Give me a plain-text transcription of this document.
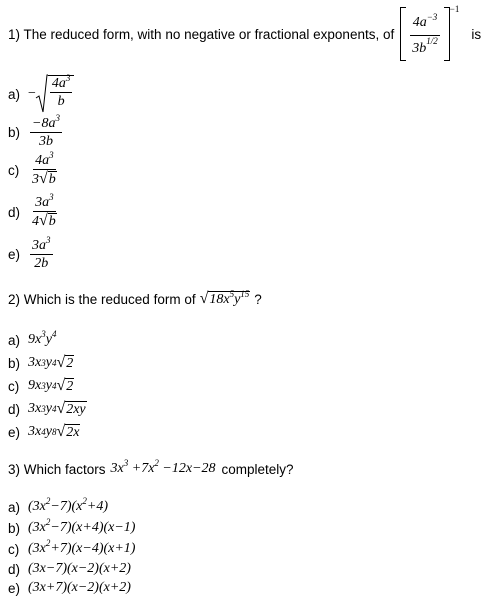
1) The reduced form, with no negative or fractional exponents, of $\frac{4a^{-3}}{3b^{1/2}}$
−1
is
$a) - \frac{4a^3}{b}$
$b) \frac{-8a^3}{3b}$
$c) \frac{4a^3}{3 √ b}$
$d) \frac{3a^3}{4 √ b}$
$e) \frac{3a^3}{2b}$
2) Which is the reduced form of √ $18x^5y^{15}$ ?
a) $9x^3y^4$
b) 3 x 3 y 4 √ 2
c) 9 x 3 y 4 √ 2
d) 3 x 3 y 4 √ 2xy
e) 3 x 4 y 8 √ 2x
3) Which factors $3x^3 +7x^2 -12x-28$ completely?
a) $(3x^2-7)(x^2+4)$
b) $(3x^2-7)(x+4)(x-1)$
c) $(3x^2+7)(x-4)(x+1)$
d) (3x−7)(x−2)(x+2)
e) (3x+7)(x−2)(x+2)
